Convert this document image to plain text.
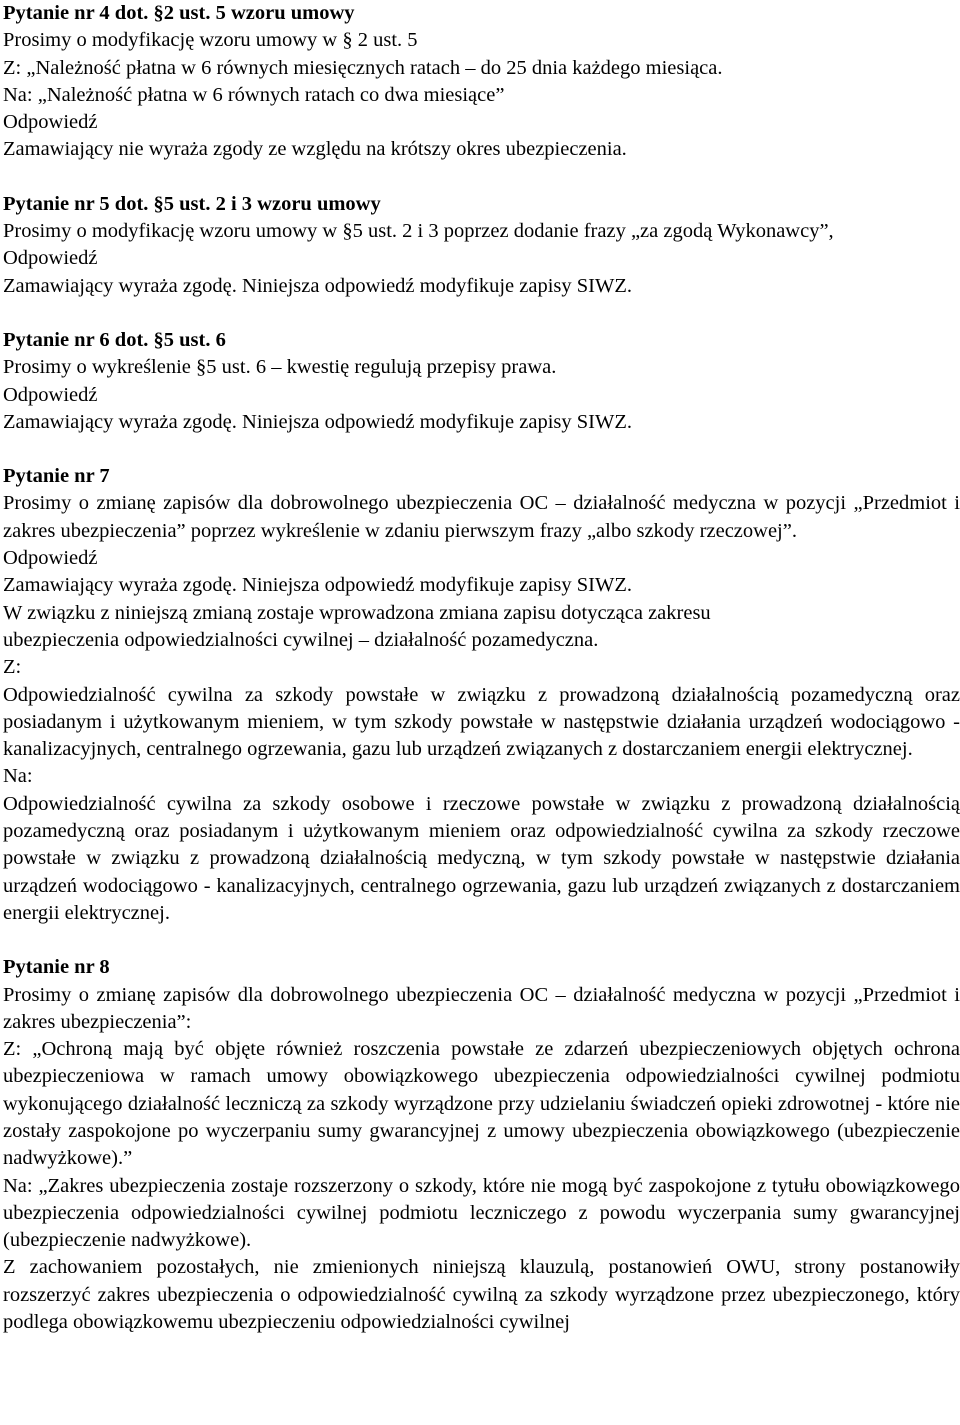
Pytanie nr 4 dot. §2 ust. 5 wzoru umowy

Prosimy o modyfikację wzoru umowy w § 2 ust. 5

Z: „Należność płatna w 6 równych miesięcznych ratach – do 25 dnia każdego miesiąca.

Na: „Należność płatna w 6 równych ratach co dwa miesiące”

Odpowiedź

Zamawiający nie wyraża zgody ze względu na krótszy okres ubezpieczenia.

Pytanie nr 5 dot. §5 ust. 2 i 3 wzoru umowy

Prosimy o modyfikację wzoru umowy w §5 ust. 2 i 3 poprzez dodanie frazy „za zgodą Wykonawcy”,

Odpowiedź

Zamawiający wyraża zgodę. Niniejsza odpowiedź modyfikuje zapisy SIWZ.

Pytanie nr 6 dot. §5 ust. 6

Prosimy o wykreślenie §5 ust. 6 – kwestię regulują przepisy prawa.

Odpowiedź

Zamawiający wyraża zgodę. Niniejsza odpowiedź modyfikuje zapisy SIWZ.

Pytanie nr 7

Prosimy o zmianę zapisów dla dobrowolnego ubezpieczenia OC – działalność medyczna w pozycji „Przedmiot i zakres ubezpieczenia” poprzez wykreślenie w zdaniu pierwszym frazy „albo szkody rzeczowej”.

Odpowiedź

Zamawiający wyraża zgodę. Niniejsza odpowiedź modyfikuje zapisy SIWZ.

W związku z niniejszą zmianą zostaje wprowadzona zmiana zapisu dotycząca zakresu ubezpieczenia odpowiedzialności cywilnej – działalność pozamedyczna.

Z:

Odpowiedzialność cywilna za szkody powstałe w związku z prowadzoną działalnością pozamedyczną oraz posiadanym i użytkowanym mieniem, w tym szkody powstałe w następstwie działania urządzeń wodociągowo - kanalizacyjnych, centralnego ogrzewania, gazu lub urządzeń związanych z dostarczaniem energii elektrycznej.

Na:

Odpowiedzialność cywilna za szkody osobowe i rzeczowe powstałe w związku z prowadzoną działalnością pozamedyczną oraz posiadanym i użytkowanym mieniem oraz odpowiedzialność cywilna za szkody rzeczowe powstałe w związku z prowadzoną działalnością medyczną, w tym szkody powstałe w następstwie działania urządzeń wodociągowo - kanalizacyjnych, centralnego ogrzewania, gazu lub urządzeń związanych z dostarczaniem energii elektrycznej.

Pytanie nr 8

Prosimy o zmianę zapisów dla dobrowolnego ubezpieczenia OC – działalność medyczna w pozycji „Przedmiot i zakres ubezpieczenia”:

Z: „Ochroną mają być objęte również roszczenia powstałe ze zdarzeń ubezpieczeniowych objętych ochrona ubezpieczeniowa w ramach umowy obowiązkowego ubezpieczenia odpowiedzialności cywilnej podmiotu wykonującego działalność leczniczą za szkody wyrządzone przy udzielaniu świadczeń opieki zdrowotnej - które nie zostały zaspokojone po wyczerpaniu sumy gwarancyjnej z umowy ubezpieczenia obowiązkowego (ubezpieczenie nadwyżkowe).”

Na: „Zakres ubezpieczenia zostaje rozszerzony o szkody, które nie mogą być zaspokojone z tytułu obowiązkowego ubezpieczenia odpowiedzialności cywilnej podmiotu leczniczego z powodu wyczerpania sumy gwarancyjnej (ubezpieczenie nadwyżkowe).

Z zachowaniem pozostałych, nie zmienionych niniejszą klauzulą, postanowień OWU, strony postanowiły rozszerzyć zakres ubezpieczenia o odpowiedzialność cywilną za szkody wyrządzone przez ubezpieczonego, który podlega obowiązkowemu ubezpieczeniu odpowiedzialności cywilnej
